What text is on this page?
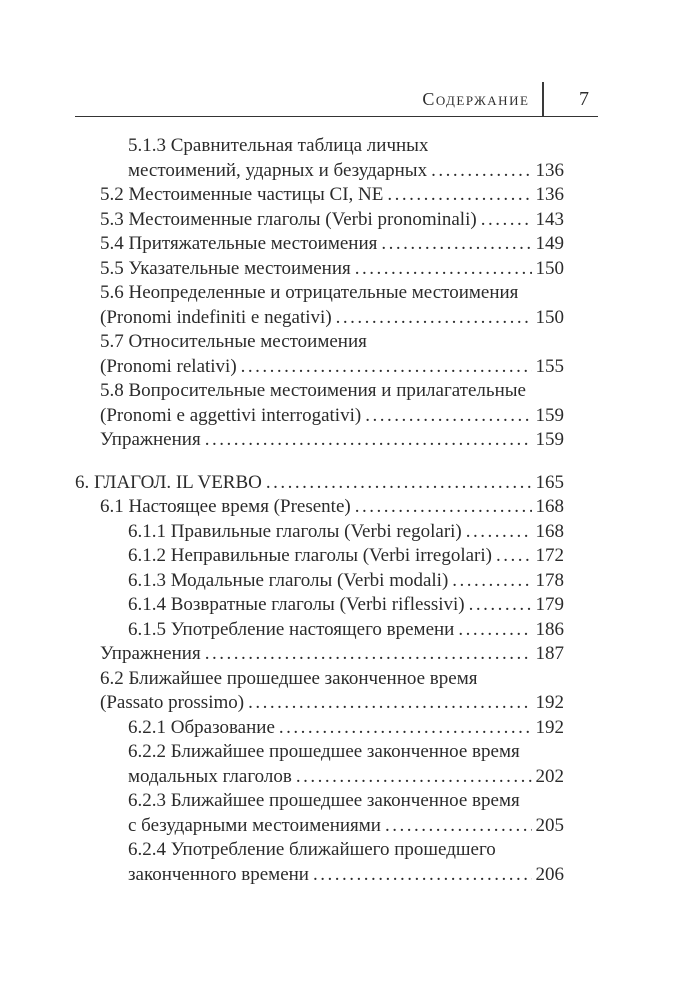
Содержание	7
5.1.3 Сравнительная таблица личных
местоимений, ударных и безударных .....	136
5.2 Местоименные частицы CI, NE .....	136
5.3 Местоименные глаголы (Verbi pronominali) .....	143
5.4 Притяжательные местоимения .....	149
5.5 Указательные местоимения .....	150
5.6 Неопределенные и отрицательные местоимения
(Pronomi indefiniti e negativi) .....	150
5.7 Относительные местоимения
(Pronomi relativi) .....	155
5.8 Вопросительные местоимения и прилагательные
(Pronomi e aggettivi interrogativi) .....	159
Упражнения .....	159
6. ГЛАГОЛ. IL VERBO .....	165
6.1 Настоящее время (Presente) .....	168
6.1.1 Правильные глаголы (Verbi regolari) .....	168
6.1.2 Неправильные глаголы (Verbi irregolari) ..... 172
6.1.3 Модальные глаголы (Verbi modali) .....	178
6.1.4 Возвратные глаголы (Verbi riflessivi) .....	179
6.1.5 Употребление настоящего времени .....	186
Упражнения .....	187
6.2 Ближайшее прошедшее законченное время
(Passato prossimo) .....	192
6.2.1 Образование .....	192
6.2.2 Ближайшее прошедшее законченное время
модальных глаголов .....	202
6.2.3 Ближайшее прошедшее законченное время
с безударными местоимениями .....	205
6.2.4 Употребление ближайшего прошедшего
законченного времени .....	206
